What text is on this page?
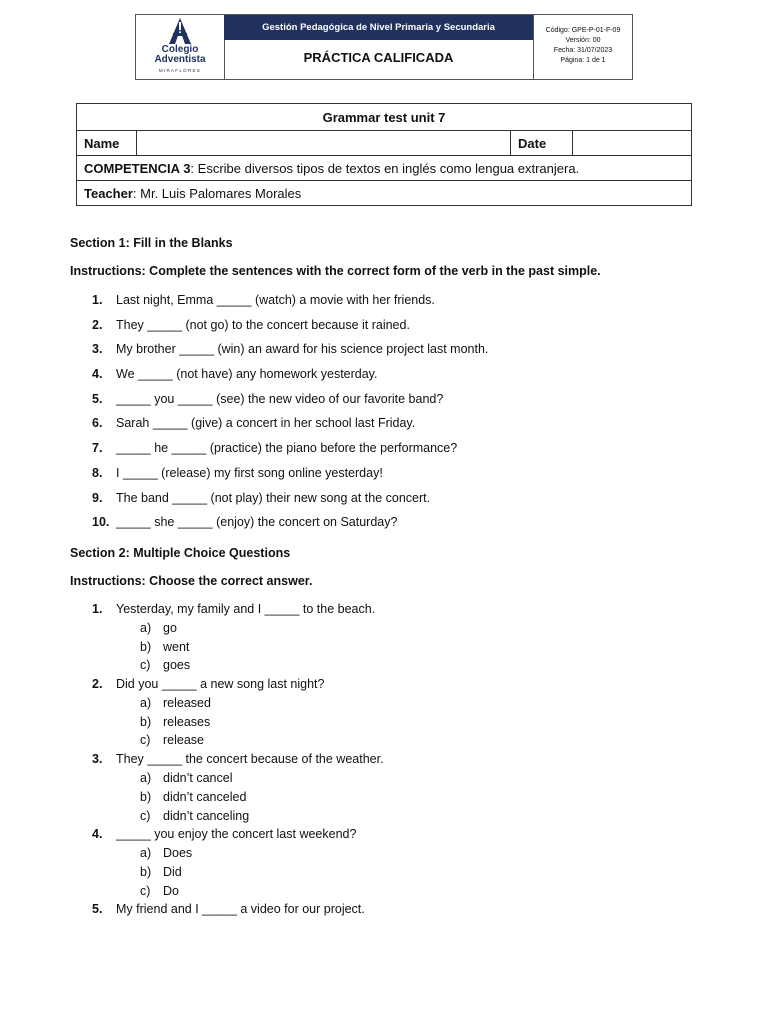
Colegio
Adventista
MIRAFLORES
Gestión Pedagógica de Nivel Primaria y Secundaria
PRÁCTICA CALIFICADA
Código: GPE-P-01-F-09
Versión: 00
Fecha: 31/07/2023
Página: 1 de 1
Grammar test unit 7
Name		Date	
COMPETENCIA 3: Escribe diversos tipos de textos en inglés como lengua extranjera.
Teacher: Mr. Luis Palomares Morales
Section 1: Fill in the Blanks
Instructions: Complete the sentences with the correct form of the verb in the past simple.
1. Last night, Emma _____ (watch) a movie with her friends.
2. They _____ (not go) to the concert because it rained.
3. My brother _____ (win) an award for his science project last month.
4. We _____ (not have) any homework yesterday.
5. _____ you _____ (see) the new video of our favorite band?
6. Sarah _____ (give) a concert in her school last Friday.
7. _____ he _____ (practice) the piano before the performance?
8. I _____ (release) my first song online yesterday!
9. The band _____ (not play) their new song at the concert.
10. _____ she _____ (enjoy) the concert on Saturday?
Section 2: Multiple Choice Questions
Instructions: Choose the correct answer.
1. Yesterday, my family and I _____ to the beach.
a) go
b) went
c) goes
2. Did you _____ a new song last night?
a) released
b) releases
c) release
3. They _____ the concert because of the weather.
a) didn’t cancel
b) didn’t canceled
c) didn’t canceling
4. _____ you enjoy the concert last weekend?
a) Does
b) Did
c) Do
5. My friend and I _____ a video for our project.
